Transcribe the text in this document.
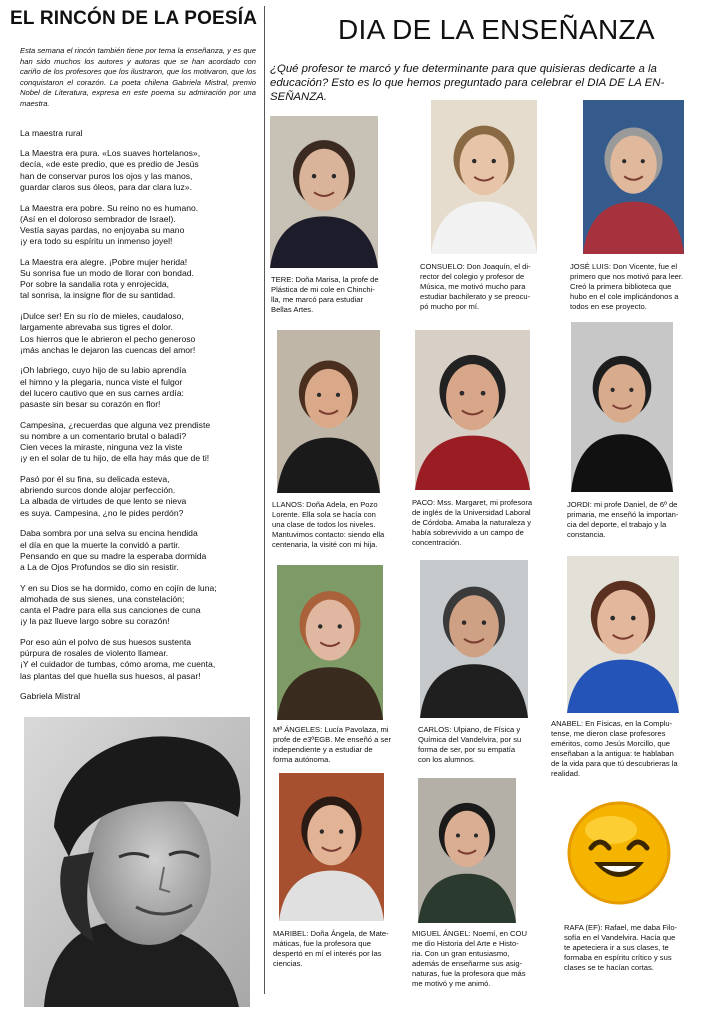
EL RINCÓN DE LA POESÍA
Esta semana el rincón también tiene por tema la enseñanza, y es que han sido muchos los autores y autoras que se han acordado con cariño de los profesores que los ilustraron, que los motivaron, que los conquistaron el corazón. La poeta chilena Gabriela Mistral, premio Nobel de Literatura, expresa en este poema su admiración por una maestra.
La maestra rural
La Maestra era pura. «Los suaves hortelanos»,
decía, «de este predio, que es predio de Jesús
han de conservar puros los ojos y las manos,
guardar claros sus óleos, para dar clara luz».
La Maestra era pobre. Su reino no es humano.
(Así en el doloroso sembrador de Israel).
Vestía sayas pardas, no enjoyaba su mano
¡y era todo su espíritu un inmenso joyel!
La Maestra era alegre. ¡Pobre mujer herida!
Su sonrisa fue un modo de llorar con bondad.
Por sobre la sandalia rota y enrojecida,
tal sonrisa, la insigne flor de su santidad.
¡Dulce ser! En su río de mieles, caudaloso,
largamente abrevaba sus tigres el dolor.
Los hierros que le abrieron el pecho generoso
¡más anchas le dejaron las cuencas del amor!
¡Oh labriego, cuyo hijo de su labio aprendía
el himno y la plegaria, nunca viste el fulgor
del lucero cautivo que en sus carnes ardía:
pasaste sin besar su corazón en flor!
Campesina, ¿recuerdas que alguna vez prendiste
su nombre a un comentario brutal o baladí?
Cien veces la miraste, ninguna vez la viste
¡y en el solar de tu hijo, de ella hay más que de ti!
Pasó por él su fina, su delicada esteva,
abriendo surcos donde alojar perfección.
La albada de virtudes de que lento se nieva
es suya. Campesina, ¿no le pides perdón?
Daba sombra por una selva su encina hendida
el día en que la muerte la convidó a partir.
Pensando en que su madre la esperaba dormida
a La de Ojos Profundos se dio sin resistir.
Y en su Dios se ha dormido, como en cojín de luna;
almohada de sus sienes, una constelación;
canta el Padre para ella sus canciones de cuna
¡y la paz llueve largo sobre su corazón!
Por eso aún el polvo de sus huesos sustenta
púrpura de rosales de violento llamear.
¡Y el cuidador de tumbas, cómo aroma, me cuenta,
las plantas del que huella sus huesos, al pasar!
Gabriela Mistral
DIA DE LA ENSEÑANZA
¿Qué profesor te marcó y fue determinante para que quisieras dedicarte a la educación? Esto es lo que hemos preguntado para celebrar el DIA DE LA EN-SEÑANZA.
TERE: Doña Marisa, la profe de
Plástica de mi cole en Chinchi-
lla, me marcó para estudiar
Bellas Artes.
CONSUELO: Don Joaquín, el di-
rector del colegio y profesor de
Música, me motivó mucho para
estudiar bachilerato y se preocu-
pó mucho por mí.
JOSÉ LUIS: Don Vicente, fue el
primero que nos motivó para leer.
Creó la primera biblioteca que
hubo en el cole implicándonos a
todos en ese proyecto.
LLANOS: Doña Adela, en Pozo
Lorente. Ella sola se hacía con
una clase de todos los niveles.
Mantuvimos contacto: siendo ella
centenaria, la visité con mi hija.
PACO: Mss. Margaret, mi profesora
de inglés de la Universidad Laboral
de Córdoba. Amaba la naturaleza y
había sobrevivido a un campo de
concentración.
JORDI: mi profe Daniel, de 6º de
primaria, me enseñó la importan-
cia del deporte, el trabajo y la
constancia.
Mª ÁNGELES: Lucía Pavolaza, mi
profe de e3ºEGB. Me enseñó a ser
independiente y a estudiar de
forma autónoma.
CARLOS: Ulpiano, de Física y
Química del Vandelvira, por su
forma de ser, por su empatía
con los alumnos.
ANABEL: En Físicas, en la Complu-
tense, me dieron clase profesores
eméritos, como Jesús Morcillo, que
enseñaban a la antigua: te hablaban
de la vida para que tú descubrieras la
realidad.
MARIBEL: Doña Ángela, de Mate-
máticas, fue la profesora que
despertó en mí el interés por las
ciencias.
MIGUEL ÁNGEL: Noemí, en COU
me dio Historia del Arte e Histo-
ria. Con un gran entusiasmo,
además de enseñarme sus asig-
naturas, fue la profesora que más
me motivó y me animó.
RAFA (EF): Rafael, me daba Filo-
sofía en el Vandelvira. Hacía que
te apeteciera ir a sus clases, te
formaba en espíritu crítico y sus
clases se te hacían cortas.
